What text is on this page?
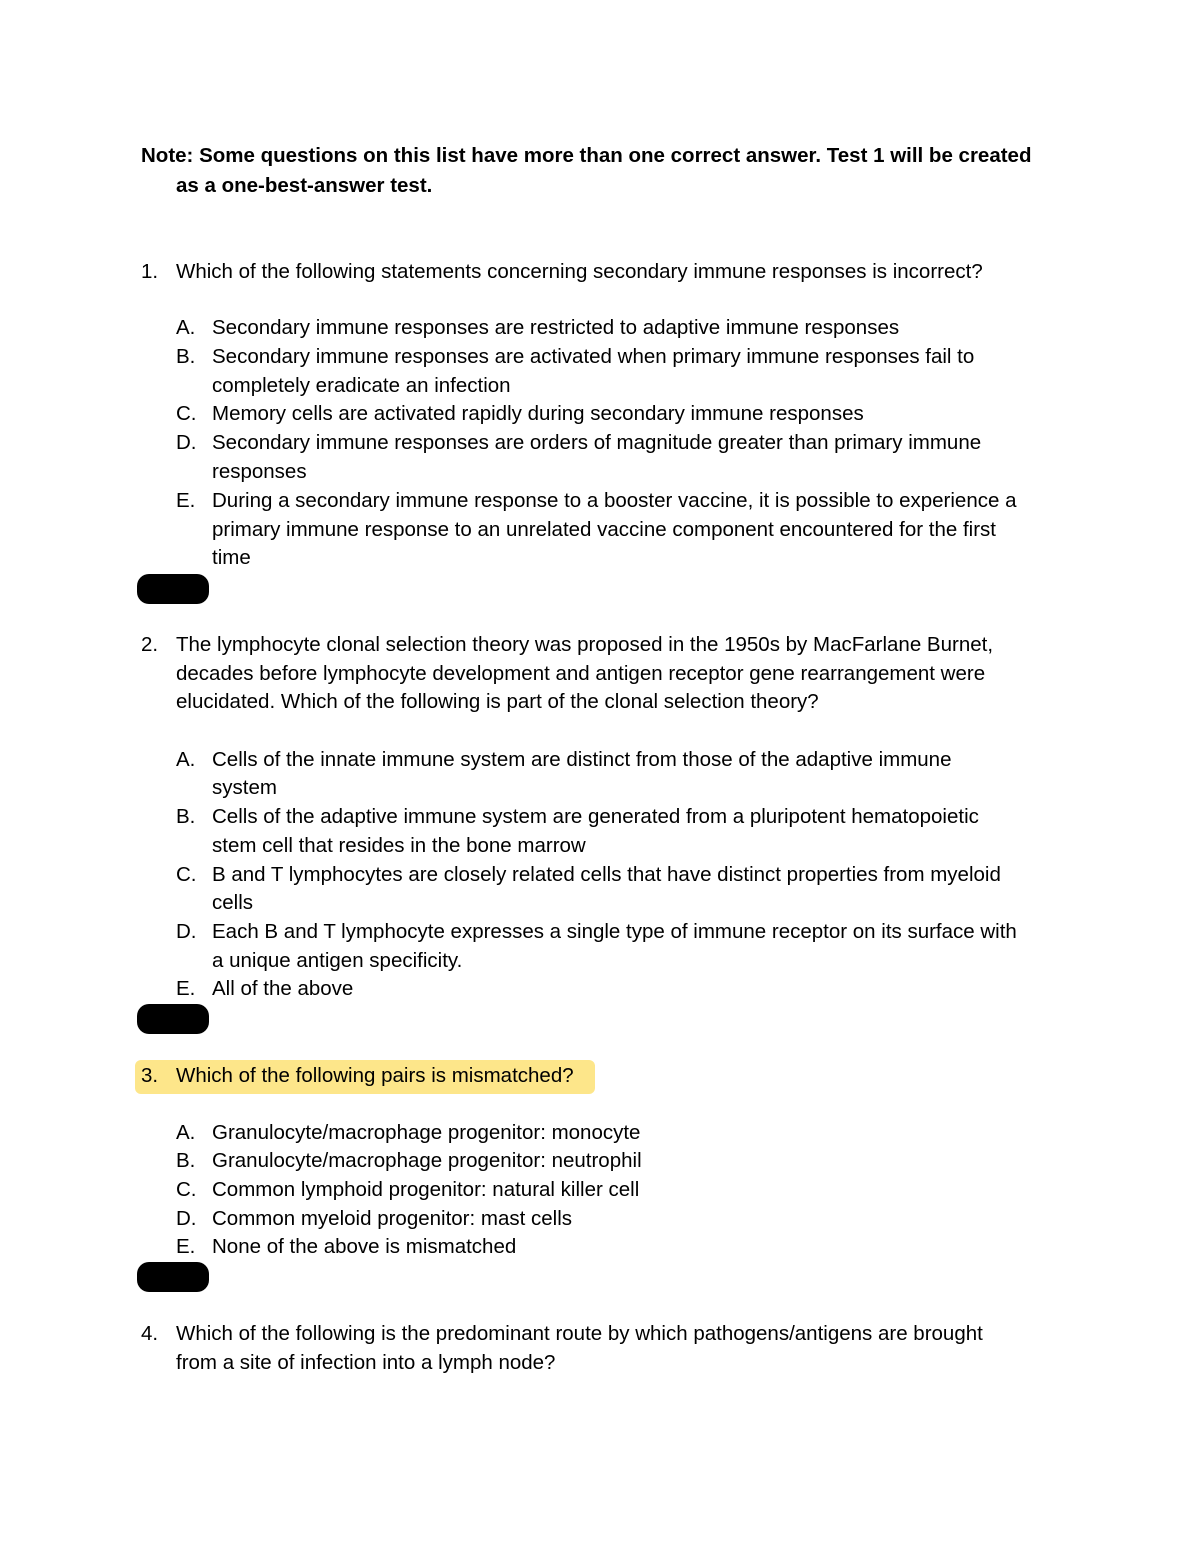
Note: Some questions on this list have more than one correct answer. Test 1 will be created
as a one-best-answer test.
1. Which of the following statements concerning secondary immune responses is incorrect?
A. Secondary immune responses are restricted to adaptive immune responses
B. Secondary immune responses are activated when primary immune responses fail to
completely eradicate an infection
C. Memory cells are activated rapidly during secondary immune responses
D. Secondary immune responses are orders of magnitude greater than primary immune
responses
E. During a secondary immune response to a booster vaccine, it is possible to experience a
primary immune response to an unrelated vaccine component encountered for the first
time
2. The lymphocyte clonal selection theory was proposed in the 1950s by MacFarlane Burnet,
decades before lymphocyte development and antigen receptor gene rearrangement were
elucidated. Which of the following is part of the clonal selection theory?
A. Cells of the innate immune system are distinct from those of the adaptive immune
system
B. Cells of the adaptive immune system are generated from a pluripotent hematopoietic
stem cell that resides in the bone marrow
C. B and T lymphocytes are closely related cells that have distinct properties from myeloid
cells
D. Each B and T lymphocyte expresses a single type of immune receptor on its surface with
a unique antigen specificity.
E. All of the above
3. Which of the following pairs is mismatched?
A. Granulocyte/macrophage progenitor: monocyte
B. Granulocyte/macrophage progenitor: neutrophil
C. Common lymphoid progenitor: natural killer cell
D. Common myeloid progenitor: mast cells
E. None of the above is mismatched
4. Which of the following is the predominant route by which pathogens/antigens are brought
from a site of infection into a lymph node?
